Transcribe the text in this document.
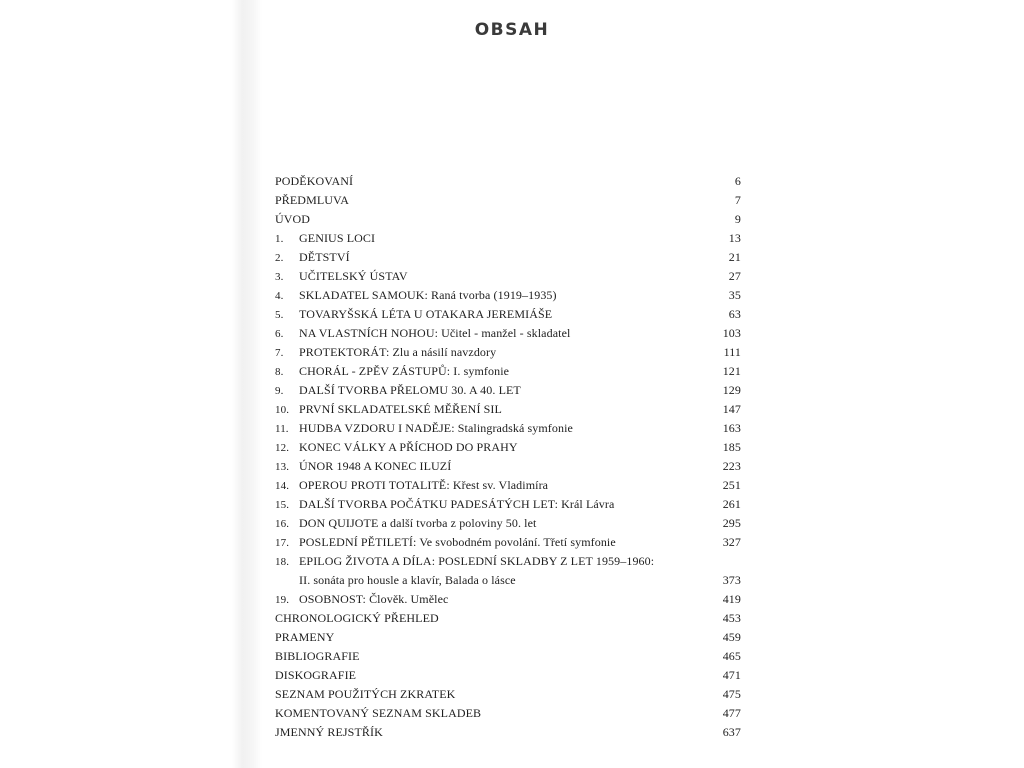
OBSAH
PODĚKOVANÍ	6
PŘEDMLUVA	7
ÚVOD	9
1.	GENIUS LOCI	13
2.	DĚTSTVÍ	21
3.	UČITELSKÝ ÚSTAV	27
4.	SKLADATEL SAMOUK: Raná tvorba (1919–1935)	35
5.	TOVARYŠSKÁ LÉTA U OTAKARA JEREMIÁŠE	63
6.	NA VLASTNÍCH NOHOU: Učitel - manžel - skladatel	103
7.	PROTEKTORÁT: Zlu a násilí navzdory	111
8.	CHORÁL - ZPĚV ZÁSTUPŮ: I. symfonie	121
9.	DALŠÍ TVORBA PŘELOMU 30. A 40. LET	129
10. PRVNÍ SKLADATELSKÉ MĚŘENÍ SIL	147
11. HUDBA VZDORU I NADĚJE: Stalingradská symfonie	163
12. KONEC VÁLKY A PŘÍCHOD DO PRAHY	185
13. ÚNOR 1948 A KONEC ILUZÍ	223
14. OPEROU PROTI TOTALITĚ: Křest sv. Vladimíra	251
15. DALŠÍ TVORBA POČÁTKU PADESÁTÝCH LET: Král Lávra	261
16. DON QUIJOTE a další tvorba z poloviny 50. let	295
17. POSLEDNÍ PĚTILETÍ: Ve svobodném povolání. Třetí symfonie	327
18. EPILOG ŽIVOTA A DÍLA: POSLEDNÍ SKLADBY Z LET 1959–1960:
II. sonáta pro housle a klavír, Balada o lásce	373
19. OSOBNOST: Člověk. Umělec	419
CHRONOLOGICKÝ PŘEHLED	453
PRAMENY	459
BIBLIOGRAFIE	465
DISKOGRAFIE	471
SEZNAM POUŽITÝCH ZKRATEK	475
KOMENTOVANÝ SEZNAM SKLADEB	477
JMENNÝ REJSTŘÍK	637
